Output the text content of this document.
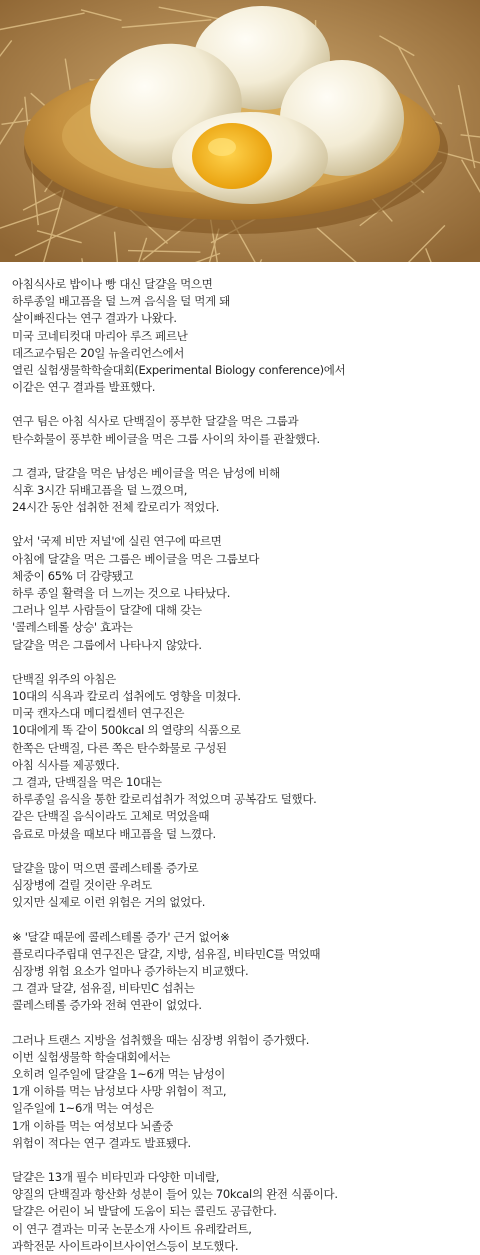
아침식사로 밥이나 빵 대신 달걀을 먹으면
하루종일 배고픔을 덜 느껴 음식을 덜 먹게 돼
살이빠진다는 연구 결과가 나왔다.
미국 코네티컷대 마리아 루즈 페르난
데즈교수팀은 20일 뉴올리언스에서
열린 실험생물학학술대회(Experimental Biology conference)에서
이같은 연구 결과를 발표했다.
연구 팀은 아침 식사로 단백질이 풍부한 달걀을 먹은 그룹과
탄수화물이 풍부한 베이글을 먹은 그룹 사이의 차이를 관찰했다.
그 결과, 달걀을 먹은 남성은 베이글을 먹은 남성에 비해
식후 3시간 뒤배고픔을 덜 느꼈으며,
24시간 동안 섭취한 전체 칼로리가 적었다.
앞서 '국제 비만 저널'에 실린 연구에 따르면
아침에 달걀을 먹은 그룹은 베이글을 먹은 그룹보다
체중이 65% 더 감량됐고
하루 종일 활력을 더 느끼는 것으로 나타났다.
그러나 일부 사람들이 달걀에 대해 갖는
'콜레스테롤 상승' 효과는
달걀을 먹은 그룹에서 나타나지 않았다.
단백질 위주의 아침은
10대의 식욕과 칼로리 섭취에도 영향을 미쳤다.
미국 캔자스대 메디컬센터 연구진은
10대에게 똑 같이 500kcal 의 열량의 식품으로
한쪽은 단백질, 다른 쪽은 탄수화물로 구성된
아침 식사를 제공했다.
그 결과, 단백질을 먹은 10대는
하루종일 음식을 통한 칼로리섭취가 적었으며 공복감도 덜했다.
같은 단백질 음식이라도 고체로 먹었을때
음료로 마셨을 때보다 배고픔을 덜 느꼈다.
달걀을 많이 먹으면 콜레스테롤 증가로
심장병에 걸릴 것이란 우려도
있지만 실제로 이런 위험은 거의 없었다.
※ '달걀 때문에 콜레스테롤 증가' 근거 없어※
플로리다주립대 연구진은 달걀, 지방, 섬유질, 비타민C를 먹었때
심장병 위험 요소가 얼마나 증가하는지 비교했다.
그 결과 달걀, 섬유질, 비타민C 섭취는
콜레스테롤 증가와 전혀 연관이 없었다.
그러나 트랜스 지방을 섭취했을 때는 심장병 위험이 증가했다.
이번 실험생물학 학술대회에서는
오히려 일주일에 달걀을 1~6개 먹는 남성이
1개 이하를 먹는 남성보다 사망 위험이 적고,
일주일에 1~6개 먹는 여성은
1개 이하를 먹는 여성보다 뇌졸중
위험이 적다는 연구 결과도 발표됐다.
달걀은 13개 필수 비타민과 다양한 미네랄,
양질의 단백질과 항산화 성분이 들어 있는 70kcal의 완전 식품이다.
달걀은 어린이 뇌 발달에 도움이 되는 콜린도 공급한다.
이 연구 결과는 미국 논문소개 사이트 유레칼러트,
과학전문 사이트라이브사이언스등이 보도했다.
